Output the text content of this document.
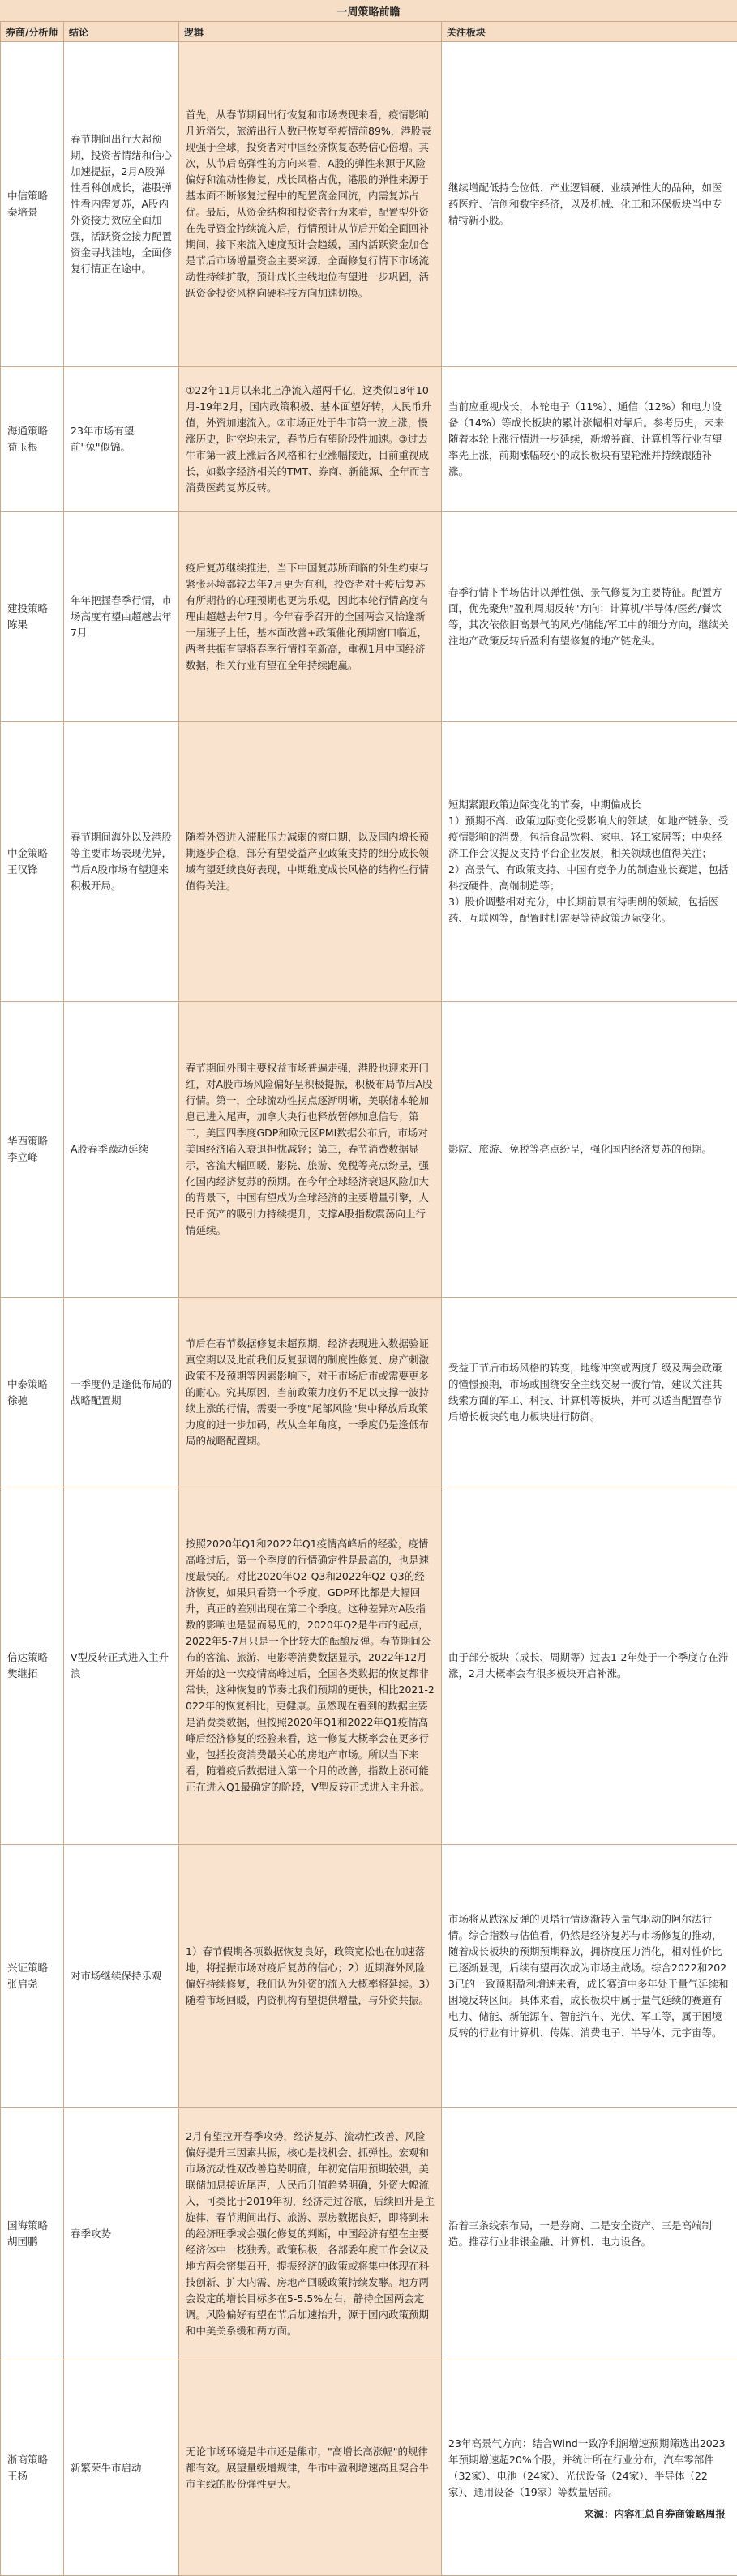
一周策略前瞻
券商/分析师	结论	逻辑	关注板块

中信策略
秦培景	春节期间出行大超预期，投资者情绪和信心加速提振，2月A股弹性看科创成长，港股弹性看内需复苏，A股内外资接力效应全面加强，活跃资金接力配置资金寻找洼地，全面修复行情正在途中。	首先，从春节期间出行恢复和市场表现来看，疫情影响几近消失，旅游出行人数已恢复至疫情前89%，港股表现强于全球，投资者对中国经济恢复态势信心倍增。其次，从节后高弹性的方向来看，A股的弹性来源于风险偏好和流动性修复，成长风格占优，港股的弹性来源于基本面不断修复过程中的配置资金回流，内需复苏占优。最后，从资金结构和投资者行为来看，配置型外资在先导资金持续流入后，行情预计从节后开始全面回补期间，接下来流入速度预计会趋缓，国内活跃资金加仓是节后市场增量资金主要来源，全面修复行情下市场流动性持续扩散，预计成长主线地位有望进一步巩固，活跃资金投资风格向硬科技方向加速切换。	继续增配低持仓位低、产业逻辑硬、业绩弹性大的品种，如医药医疗、信创和数字经济，以及机械、化工和环保板块当中专精特新小股。

海通策略
荀玉根	23年市场有望前"兔"似锦。	①22年11月以来北上净流入超两千亿，这类似18年10月-19年2月，国内政策积极、基本面望好转，人民币升值，外资加速流入。②市场正处于牛市第一波上涨，慢涨历史，时空均未完，春节后有望阶段性加速。③过去牛市第一波上涨后各风格和行业涨幅接近，目前重视成长，如数字经济相关的TMT、券商、新能源、全年而言消费医药复苏反转。	当前应重视成长，本轮电子（11%）、通信（12%）和电力设备（14%）等成长板块的累计涨幅相对靠后。参考历史，未来随着本轮上涨行情进一步延续，新增券商、计算机等行业有望率先上涨，前期涨幅较小的成长板块有望轮涨并持续跟随补涨。

建投策略
陈果	年年把握春季行情，市场高度有望由超越去年7月	疫后复苏继续推进，当下中国复苏所面临的外生约束与紧张环境都较去年7月更为有利，投资者对于疫后复苏有所期待的心理预期也更为乐观，因此本轮行情高度有理由超越去年7月。今年春季召开的全国两会又恰逢新一届班子上任，基本面改善+政策催化预期窗口临近，两者共振有望将春季行情推至新高，重视1月中国经济数据，相关行业有望在全年持续跑赢。	春季行情下半场估计以弹性强、景气修复为主要特征。配置方面，优先聚焦"盈利周期反转"方向：计算机/半导体/医药/餐饮等，其次依依旧高景气的风光/储能/军工中的细分方向，继续关注地产政策反转后盈利有望修复的地产链龙头。

中金策略
王汉锋	春节期间海外以及港股等主要市场表现优异，节后A股市场有望迎来积极开局。	随着外资进入滞胀压力减弱的窗口期，以及国内增长预期逐步企稳，部分有望受益产业政策支持的细分成长领域有望延续良好表现，中期维度成长风格的结构性行情值得关注。	短期紧跟政策边际变化的节奏，中期偏成长
1）预期不高、政策边际变化受影响大的领域，如地产链条、受疫情影响的消费，包括食品饮料、家电、轻工家居等；中央经济工作会议提及支持平台企业发展，相关领域也值得关注；
2）高景气、有政策支持、中国有竞争力的制造业长赛道，包括科技硬件、高端制造等；
3）股价调整相对充分，中长期前景有待明朗的领域，包括医药、互联网等，配置时机需要等待政策边际变化。

华西策略
李立峰	A股春季躁动延续	春节期间外围主要权益市场普遍走强，港股也迎来开门红，对A股市场风险偏好呈积极提振，积极布局节后A股行情。第一，全球流动性拐点逐渐明晰，美联储本轮加息已进入尾声，加拿大央行也释放暂停加息信号；第二，美国四季度GDP和欧元区PMI数据公布后，市场对美国经济陷入衰退担忧减轻；第三，春节消费数据显示，客流大幅回暖，影院、旅游、免税等亮点纷呈，强化国内经济复苏的预期。在今年全球经济衰退风险加大的背景下，中国有望成为全球经济的主要增量引擎，人民币资产的吸引力持续提升，支撑A股指数震荡向上行情延续。	影院、旅游、免税等亮点纷呈，强化国内经济复苏的预期。

中泰策略
徐驰	一季度仍是逢低布局的战略配置期	节后在春节数据修复未超预期，经济表现进入数据验证真空期以及此前我们反复强调的制度性修复、房产刺激政策不及预期等因素影响下，对于市场后市或需要更多的耐心。究其原因，当前政策力度仍不足以支撑一波持续上涨的行情，需要一季度"尾部风险"集中释放后政策力度的进一步加码，故从全年角度，一季度仍是逢低布局的战略配置期。	受益于节后市场风格的转变，地缘冲突或两度升级及两会政策的憧憬预期，市场或围绕安全主线交易一波行情，建议关注其线索方面的军工、科技、计算机等板块，并可以适当配置春节后增长板块的电力板块进行防御。

信达策略
樊继拓	V型反转正式进入主升浪	按照2020年Q1和2022年Q1疫情高峰后的经验，疫情高峰过后，第一个季度的行情确定性是最高的，也是速度最快的。对比2020年Q2-Q3和2022年Q2-Q3的经济恢复，如果只看第一个季度，GDP环比都是大幅回升，真正的差别出现在第二个季度。这种差异对A股指数的影响也是显而易见的，2020年Q2是牛市的起点，2022年5-7月只是一个比较大的酝酿反弹。春节期间公布的客流、旅游、电影等消费数据显示，2022年12月开始的这一次疫情高峰过后，全国各类数据的恢复都非常快，这种恢复的节奏比我们预期的更快，相比2021-2022年的恢复相比，更健康。虽然现在看到的数据主要是消费类数据，但按照2020年Q1和2022年Q1疫情高峰后经济修复的经验来看，这一修复大概率会在更多行业，包括投资消费最关心的房地产市场。所以当下来看，随着疫后数据进入第一个月的改善，指数上涨可能正在进入Q1最确定的阶段，V型反转正式进入主升浪。	由于部分板块（成长、周期等）过去1-2年处于一个季度存在滞涨，2月大概率会有很多板块开启补涨。

兴证策略
张启尧	对市场继续保持乐观	1）春节假期各项数据恢复良好，政策宽松也在加速落地，将提振市场对疫后复苏的信心；2）近期海外风险偏好持续修复，我们认为外资的流入大概率将延续。3）随着市场回暖，内资机构有望提供增量，与外资共振。	市场将从跌深反弹的贝塔行情逐渐转入量气驱动的阿尔法行情。综合指数与估值看，仍然是经济复苏与市场修复的推动，随着成长板块的预期预期释放，拥挤度压力消化，相对性价比已逐渐显现，后续有望再次成为市场主战场。综合2022和2023已的一致预期盈利增速来看，成长赛道中多年处于量气延续和困境反转区间。具体来看，成长板块中属于量气延续的赛道有电力、储能、新能源车、智能汽车、光伏、军工等，属于困境反转的行业有计算机、传媒、消费电子、半导体、元宇宙等。

国海策略
胡国鹏	春季攻势	2月有望拉开春季攻势，经济复苏、流动性改善、风险偏好提升三因素共振，核心是找机会、抓弹性。宏观和市场流动性双改善趋势明确，年初宽信用预期较强，美联储加息接近尾声，人民币升值趋势明确，外资大幅流入，可类比于2019年初，经济走过谷底，后续回升是主旋律，春节期间出行、旅游、票房数据良好，即将到来的经济旺季或会强化修复的判断，中国经济有望在主要经济体中一枝独秀。政策积极，各部委年度工作会议及地方两会密集召开，提振经济的政策或将集中体现在科技创新、扩大内需、房地产回暖政策持续发酵。地方两会设定的增长目标多在5-5.5%左右，静待全国两会定调。风险偏好有望在节后加速抬升，源于国内政策预期和中美关系缓和两方面。	沿着三条线索布局，一是券商、二是安全资产、三是高端制造。推荐行业非银金融、计算机、电力设备。

浙商策略
王杨	新繁荣牛市启动	无论市场环境是牛市还是熊市，"高增长高涨幅"的规律都有效。展望量级增规律，牛市中盈利增速高且契合牛市主线的股份弹性更大。	23年高景气方向：结合Wind一致净利润增速预期筛选出2023年预期增速超20%个股，并统计所在行业分布，汽车零部件（32家）、电池（24家）、光伏设备（24家）、半导体（22家）、通用设备（19家）等数量居前。
来源：内容汇总自券商策略周报
